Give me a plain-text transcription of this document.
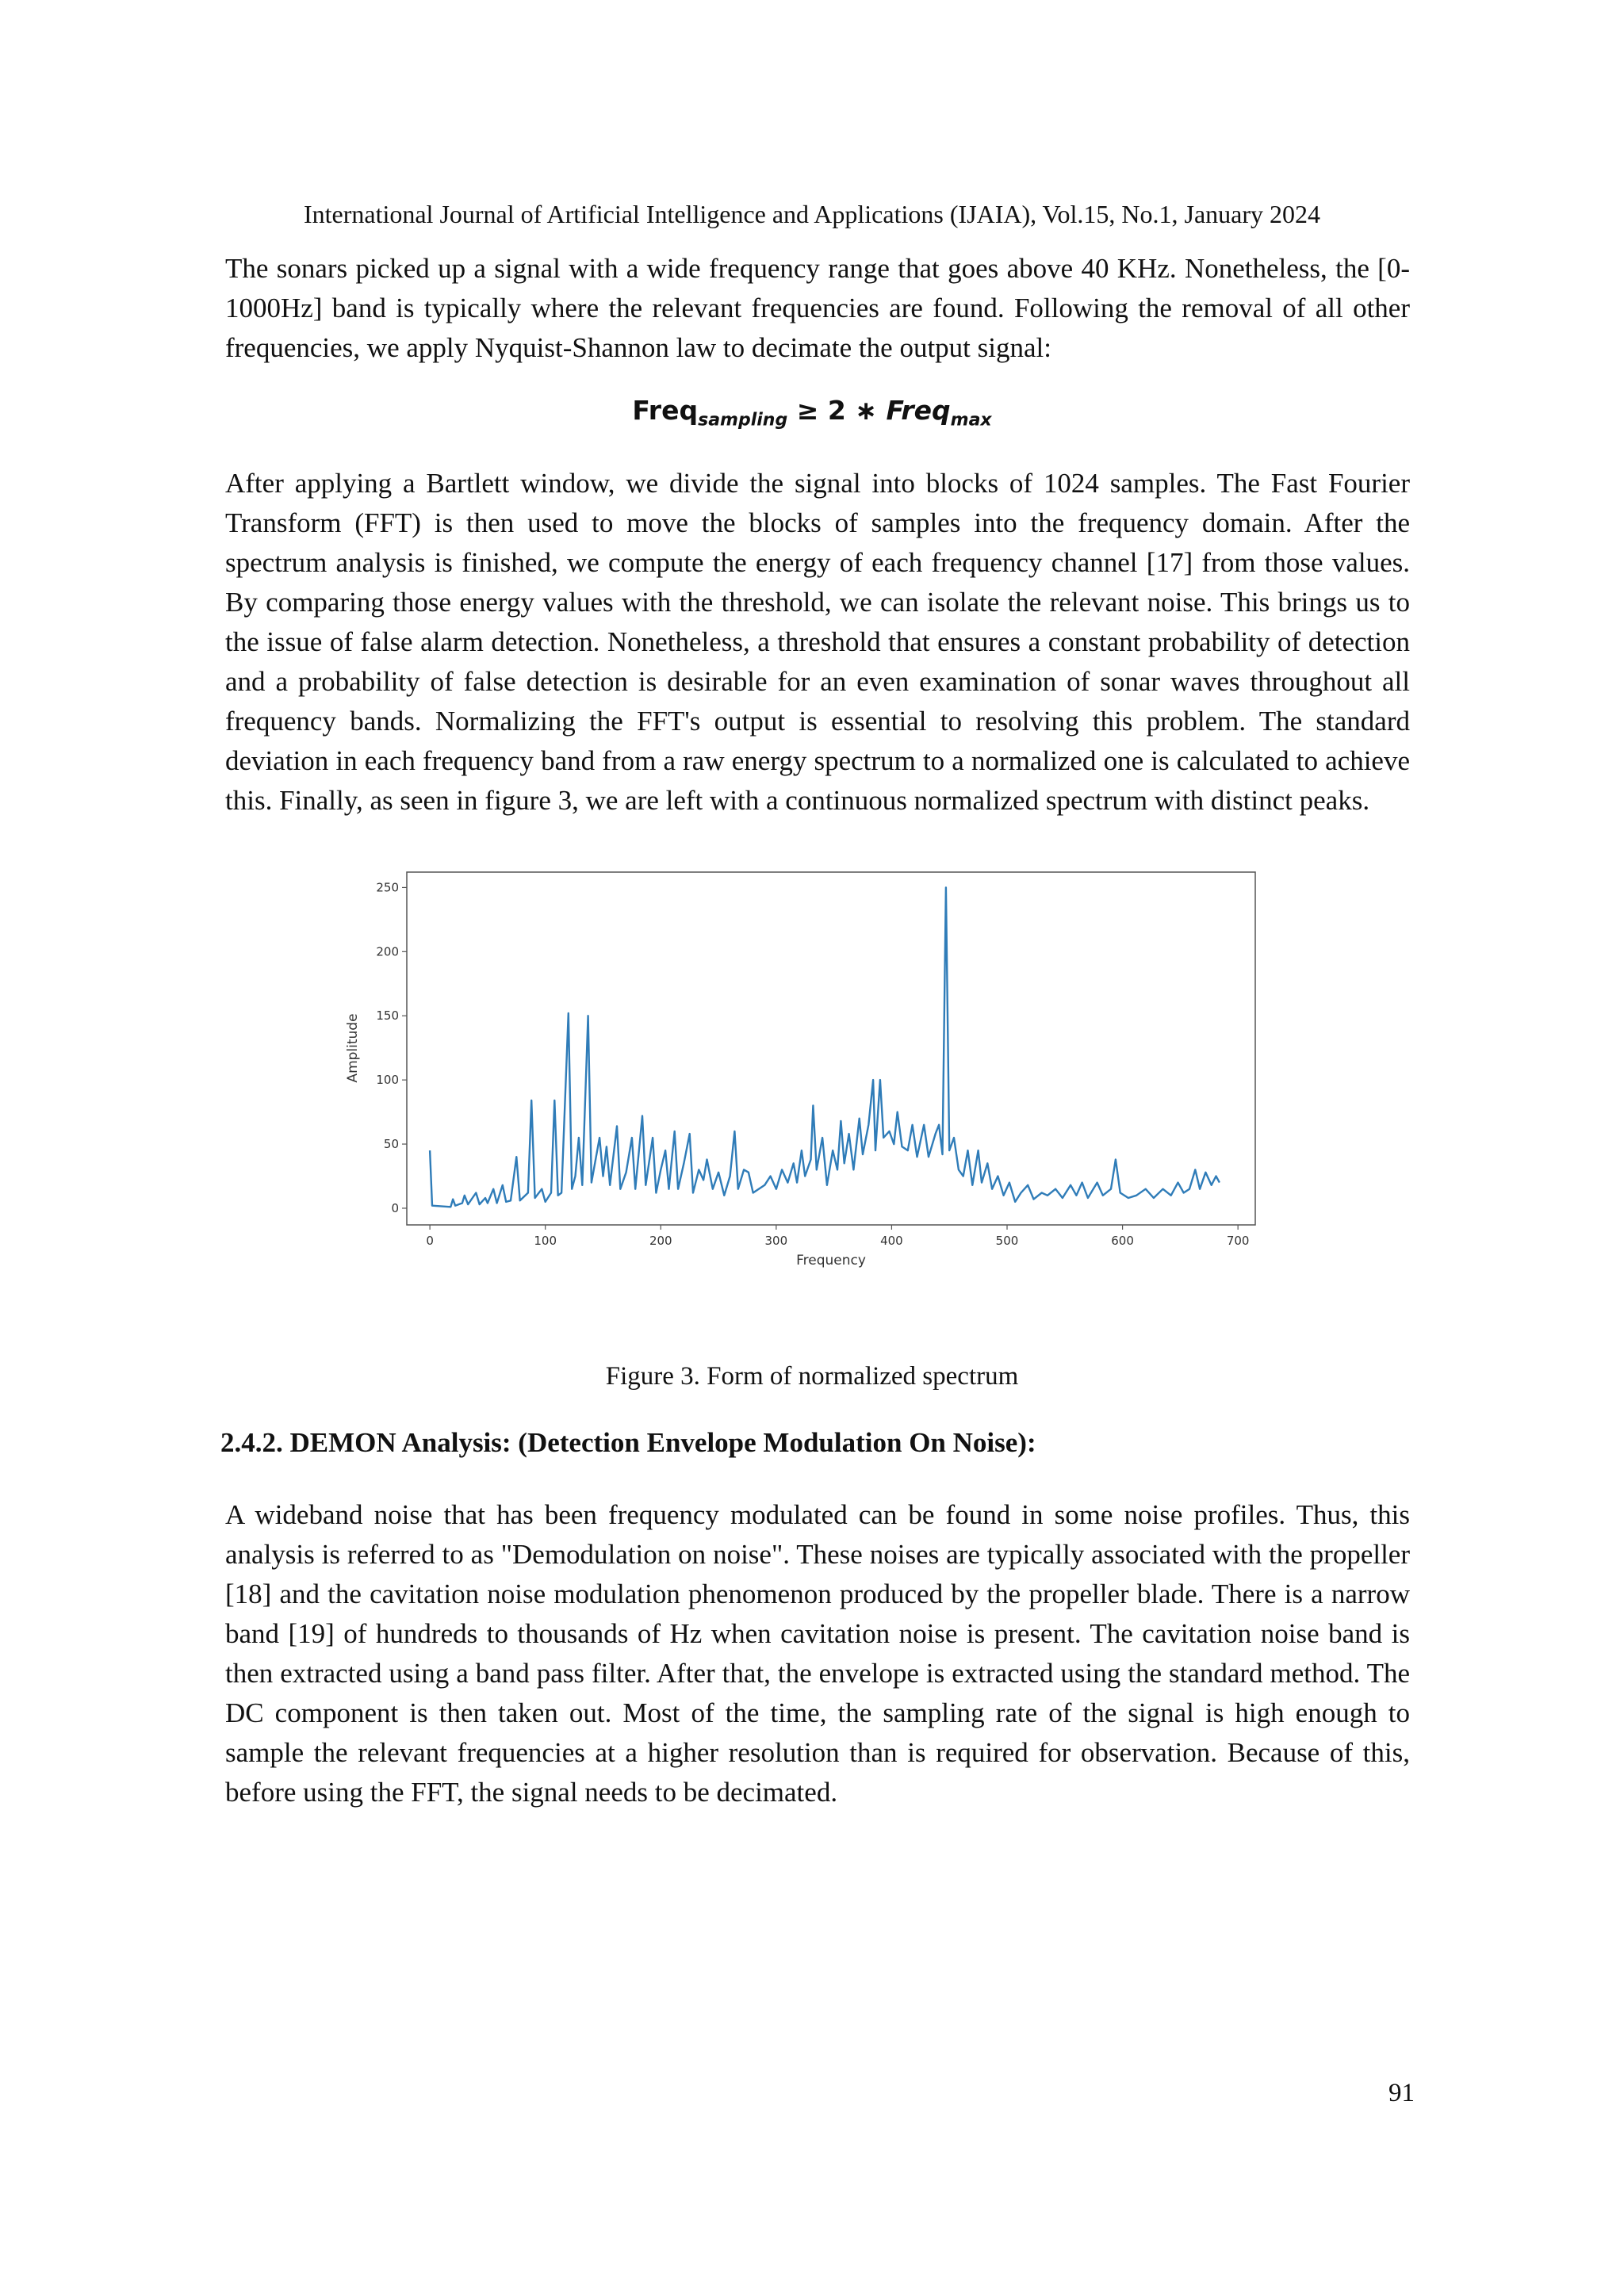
International Journal of Artificial Intelligence and Applications (IJAIA), Vol.15, No.1, January 2024

The sonars picked up a signal with a wide frequency range that goes above 40 KHz. Nonetheless, the [0-1000Hz] band is typically where the relevant frequencies are found. Following the removal of all other frequencies, we apply Nyquist-Shannon law to decimate the output signal:

Freq$_{sampling}$ ≥ 2 ∗ Freq$_{max}$

After applying a Bartlett window, we divide the signal into blocks of 1024 samples. The Fast Fourier Transform (FFT) is then used to move the blocks of samples into the frequency domain. After the spectrum analysis is finished, we compute the energy of each frequency channel [17] from those values. By comparing those energy values with the threshold, we can isolate the relevant noise. This brings us to the issue of false alarm detection. Nonetheless, a threshold that ensures a constant probability of detection and a probability of false detection is desirable for an even examination of sonar waves throughout all frequency bands. Normalizing the FFT's output is essential to resolving this problem. The standard deviation in each frequency band from a raw energy spectrum to a normalized one is calculated to achieve this. Finally, as seen in figure 3, we are left with a continuous normalized spectrum with distinct peaks.

0
50
100
150
200
250
0	100	200	300	400	500	600	700
Frequency
Amplitude
Figure 3. Form of normalized spectrum
2.4.2. DEMON Analysis: (Detection Envelope Modulation On Noise):

A wideband noise that has been frequency modulated can be found in some noise profiles. Thus, this analysis is referred to as "Demodulation on noise". These noises are typically associated with the propeller [18] and the cavitation noise modulation phenomenon produced by the propeller blade. There is a narrow band [19] of hundreds to thousands of Hz when cavitation noise is present. The cavitation noise band is then extracted using a band pass filter. After that, the envelope is extracted using the standard method. The DC component is then taken out. Most of the time, the sampling rate of the signal is high enough to sample the relevant frequencies at a higher resolution than is required for observation. Because of this, before using the FFT, the signal needs to be decimated.

91
